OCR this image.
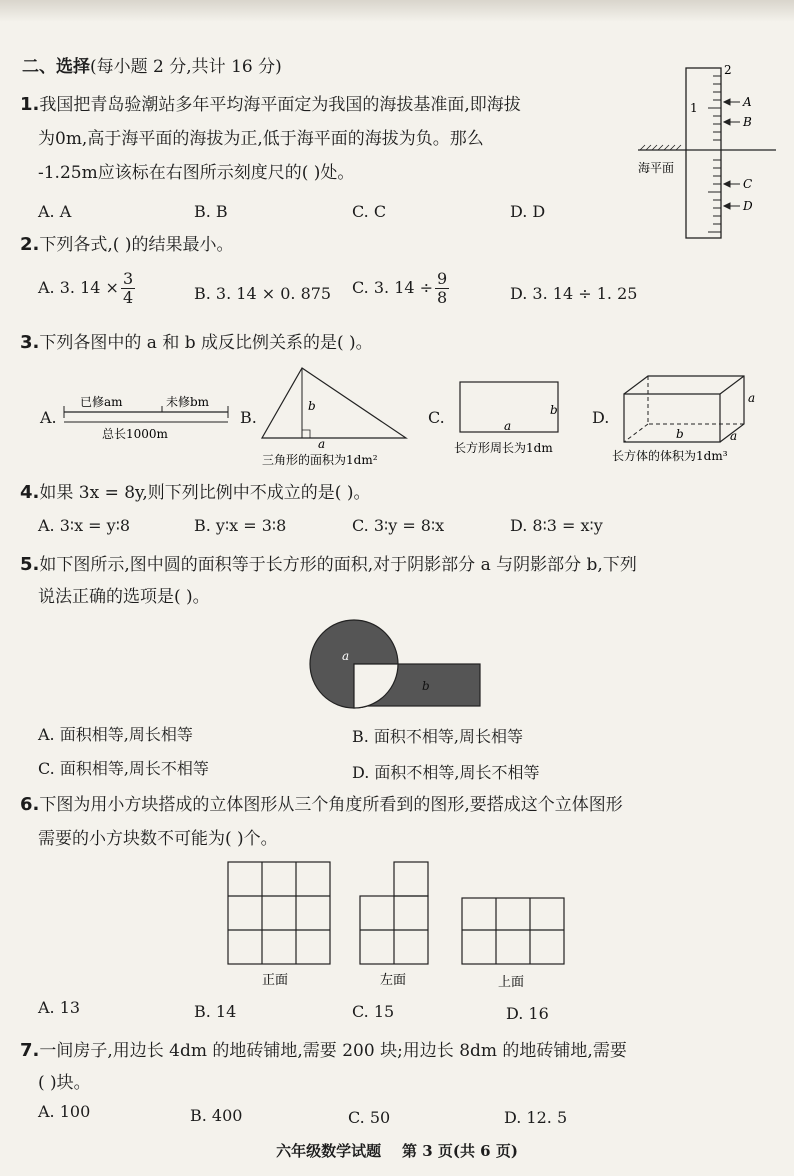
二、选择(每小题 2 分,共计 16 分)
1.我国把青岛验潮站多年平均海平面定为我国的海拔基准面,即海拔
为0m,高于海平面的海拔为正,低于海平面的海拔为负。那么
-1.25m应该标在右图所示刻度尺的( )处。
A. A	B. B	C. C	D. D
2
1
海平面
A
B
C
D
2.下列各式,( )的结果最小。
A. 3. $14 \times \frac{3}{4}$	B. 3. 14 × 0. 875 C. 3. $14 \div \frac{9}{8}$	D. 3. 14 ÷ 1. 25
3.下列各图中的 a 和 b 成反比例关系的是( )。
A.
已修am	未修bm
总长1000m
B.
b
a
三角形的面积为1dm²
C.	a
b
长方形周长为1dm
D.
a
b	a
长方体的体积为1dm³
4.如果 3x = 8y,则下列比例中不成立的是( )。
A. 3∶x = y∶8	B. y∶x = 3∶8	C. 3∶y = 8∶x	D. 8∶3 = x∶y
5.如下图所示,图中圆的面积等于长方形的面积,对于阴影部分 a 与阴影部分 b,下列
说法正确的选项是( )。
a
b
A. 面积相等,周长相等	B. 面积不相等,周长相等
C. 面积相等,周长不相等	D. 面积不相等,周长不相等
6.下图为用小方块搭成的立体图形从三个角度所看到的图形,要搭成这个立体图形
需要的小方块数不可能为( )个。
正面	左面	上面
A. 13	B. 14	C. 15	D. 16
7.一间房子,用边长 4dm 的地砖铺地,需要 200 块;用边长 8dm 的地砖铺地,需要
( )块。
A. 100	B. 400	C. 50	D. 12. 5
六年级数学试题 第 3 页(共 6 页)
